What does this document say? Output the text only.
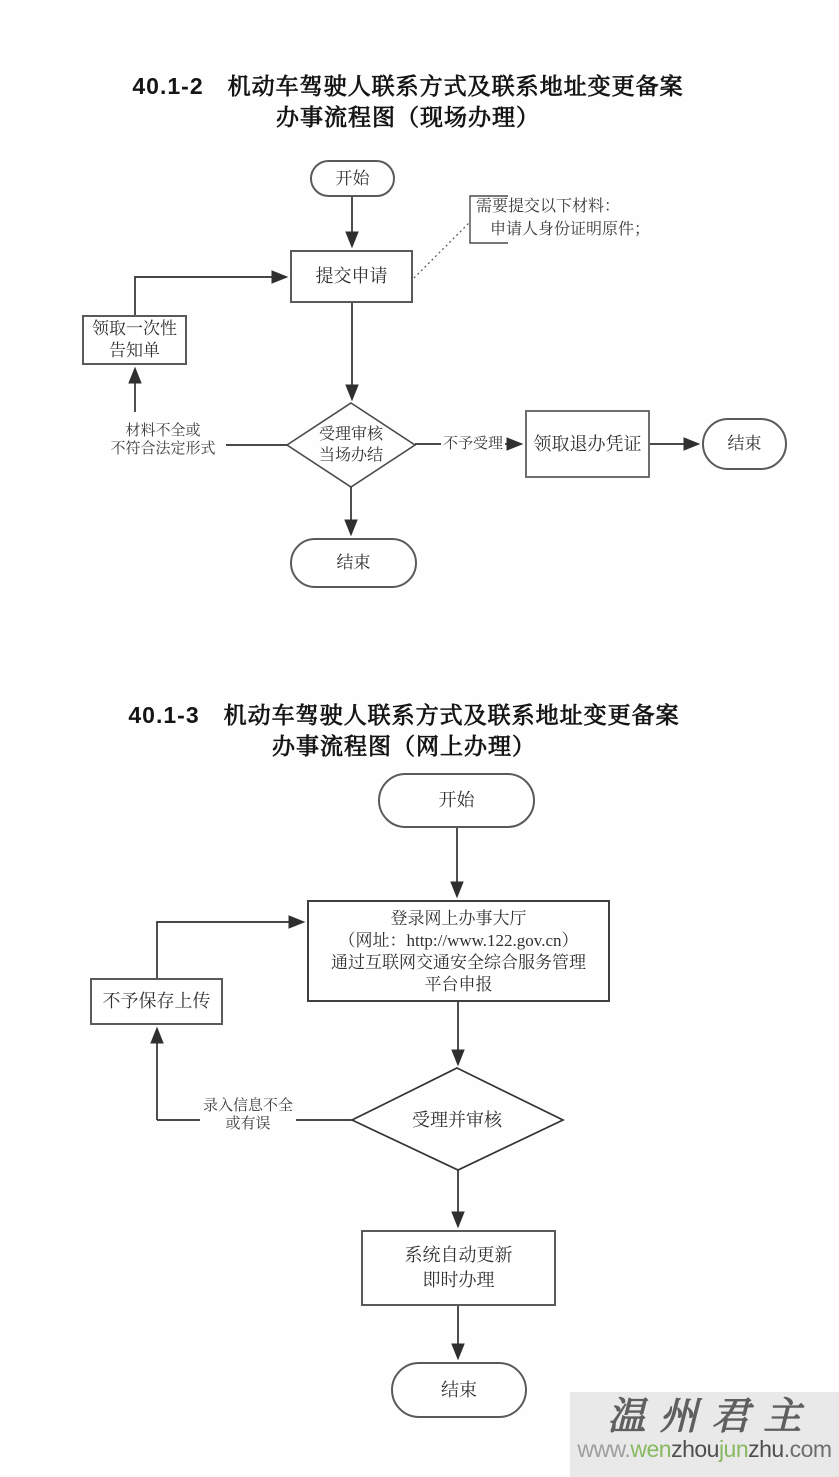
40.1-2　机动车驾驶人联系方式及联系地址变更备案
办事流程图（现场办理）
开始
提交申请
需要提交以下材料：
申请人身份证明原件；
领取一次性
告知单
受理审核
当场办结
不予受理
材料不全或
不符合法定形式	领取退办凭证	结束
结束
40.1-3　机动车驾驶人联系方式及联系地址变更备案
办事流程图（网上办理）
开始
登录网上办事大厅
（网址：http://www.122.gov.cn）
通过互联网交通安全综合服务管理
平台申报
不予保存上传
受理并审核
录入信息不全
或有误
系统自动更新
即时办理
结束
温州君主
www.wenzhoujunzhu.com
